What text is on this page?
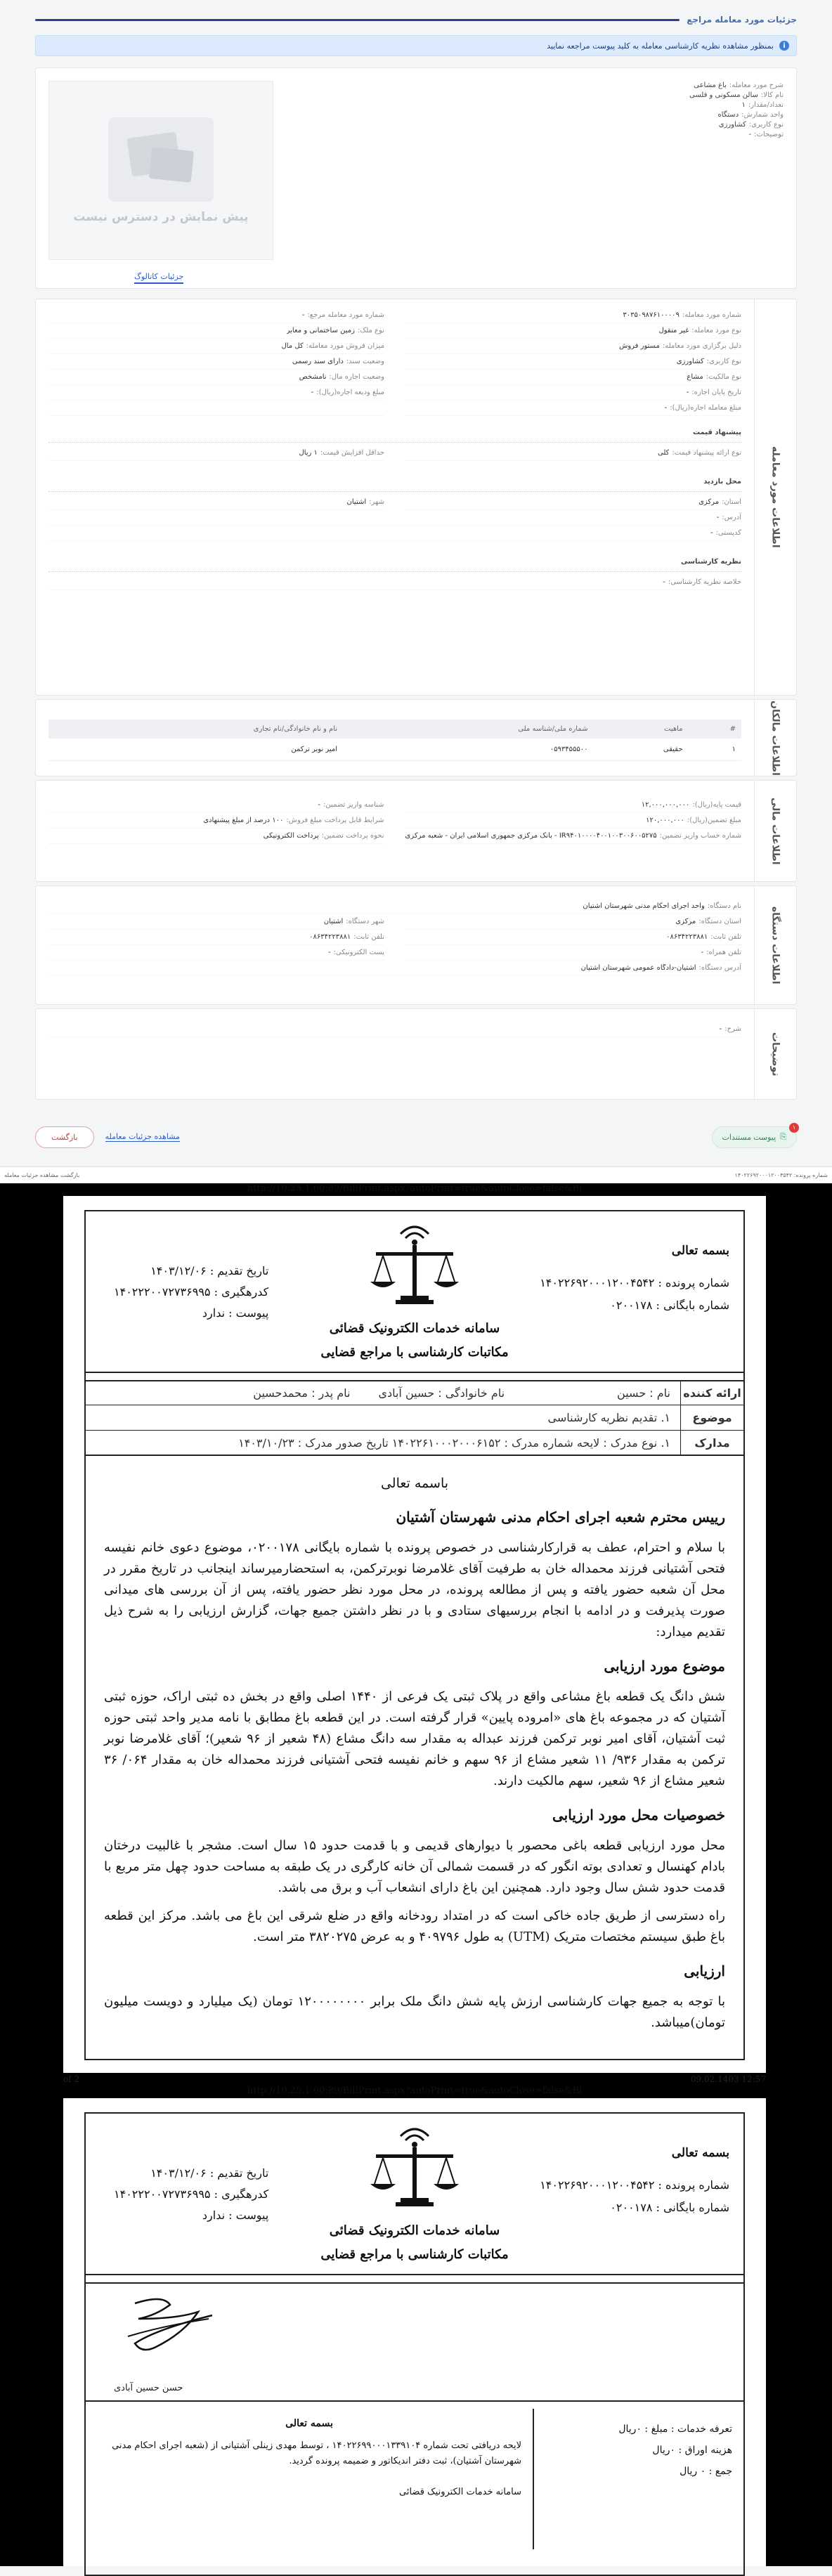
جزئیات مورد معامله مراجع
i
بمنظور مشاهده نظریه کارشناسی معامله به کلید پیوست مراجعه نمایید
شرح مورد معامله:
باغ مشاعی
نام کالا:
سالن مسکونی و فلسی
تعداد/مقدار:
۱
واحد شمارش:
دستگاه
نوع کاربری:
کشاورزی
توضیحات:
-
پیش نمایش در دسترس نیست
جزئیات کاتالوگ
اطلاعات مورد معامله
شماره مورد معامله:
۳۰۳۵۰۹۸۷۶۱۰۰۰۰۹
شماره مورد معامله مرجع:
-
نوع مورد معامله:
غیر منقول
نوع ملک:
زمین ساختمانی و معابر
دلیل برگزاری مورد معامله:
مستور فروش
میزان فروش مورد معامله:
کل مال
نوع کاربری:
کشاورزی
وضعیت سند:
دارای سند رسمی
نوع مالکیت:
مشاع
وضعیت اجاره مال:
نامشخص
تاریخ پایان اجاره:
-
مبلغ ودیعه اجاره(ریال):
-
مبلغ معامله اجاره(ریال):
-
پیشنهاد قیمت
نوع ارائه پیشنهاد قیمت:
کلی
حداقل افزایش قیمت:
۱ ریال
محل بازدید
استان:
مرکزی
شهر:
آشتیان
آدرس:
-
کدپستی:
-
نظریه کارشناسی
خلاصه نظریه کارشناسی:
-
اطلاعات مالکان
#	ماهیت	شماره ملی/شناسه ملی	نام و نام خانوادگی/نام تجاری
۱	حقیقی	۰۵۹۳۴۵۵۵۰۰	امیر نوبر ترکمن
اطلاعات مالی
قیمت پایه(ریال):
۱۲,۰۰۰,۰۰۰,۰۰۰
شناسه واریز تضمین:
-
مبلغ تضمین(ریال):
۱۲۰,۰۰۰,۰۰۰
شرایط قابل پرداخت مبلغ فروش:
۱۰۰ درصد از مبلغ پیشنهادی
شماره حساب واریز تضمین:
IR۹۴۰۱۰۰۰۰۴۰۰۱۰۰۳۰۰۶۰۰۵۲۷۵ - بانک مرکزی جمهوری اسلامی ایران - شعبه مرکزی
نحوه پرداخت تضمین:
پرداخت الکترونیکی
اطلاعات دستگاه
نام دستگاه:
واحد اجرای احکام مدنی شهرستان آشتیان
استان دستگاه:
مرکزی
شهر دستگاه:
آشتیان
تلفن ثابت:
۰۸۶۳۴۲۲۳۸۸۱
تلفن ثابت:
۰۸۶۳۴۲۲۳۸۸۱
تلفن همراه:
-
پست الکترونیکی:
-
آدرس دستگاه:
آشتیان-دادگاه عمومی شهرستان آشتیان
توضیحات
شرح:
-
۱
⎘
پیوست مستندات
مشاهده جزئیات معامله
بازگشت
شماره پرونده: ۱۴۰۲۲۶۹۲۰۰۰۱۲۰۰۴۵۴۲
بازگشت مشاهده جزئیات معامله
http://10.25.1.60:89/BillPrint.aspx?autoPrint=true&autoClose=false&Bi
بسمه تعالی
شماره پرونده : ۱۴۰۲۲۶۹۲۰۰۰۱۲۰۰۴۵۴۲
شماره بایگانی : ۰۲۰۰۱۷۸
سامانه خدمات الکترونیک قضائی
مکاتبات کارشناسی با مراجع قضایی
تاریخ تقدیم : ۱۴۰۳/۱۲/۰۶
کدرهگیری : ۱۴۰۲۲۲۰۰۷۲۷۳۶۹۹۵
پیوست : ندارد
ارائه کننده
نام : حسین
نام خانوادگی : حسین آبادی
نام پدر : محمدحسین
موضوع
۱. تقدیم نظریه کارشناسی
مدارک
۱. نوع مدرک : لایحه شماره مدرک : ۱۴۰۲۲۶۱۰۰۰۲۰۰۰۶۱۵۲ تاریخ صدور مدرک : ۱۴۰۳/۱۰/۲۳
باسمه تعالی
رییس محترم شعبه اجرای احکام مدنی شهرستان آشتیان

با سلام و احترام، عطف به قرارکارشناسی در خصوص پرونده با شماره بایگانی ۰۲۰۰۱۷۸، موضوع دعوی خانم نفیسه فتحی آشتیانی فرزند محمداله خان به طرفیت آقای غلامرضا نوبرترکمن، به استحضارمیرساند اینجانب در تاریخ مقرر در محل آن شعبه حضور یافته و پس از مطالعه پرونده، در محل مورد نظر حضور یافته، پس از آن بررسی های میدانی صورت پذیرفت و در ادامه با انجام بررسیهای ستادی و با در نظر داشتن جمیع جهات، گزارش ارزیابی را به شرح ذیل تقدیم میدارد:

موضوع مورد ارزیابی

شش دانگ یک قطعه باغ مشاعی واقع در پلاک ثبتی یک فرعی از ۱۴۴۰ اصلی واقع در بخش ده ثبتی اراک، حوزه ثبتی آشتیان که در مجموعه باغ های «امروده پایین» قرار گرفته است. در این قطعه باغ مطابق با نامه مدیر واحد ثبتی حوزه ثبت آشتیان، آقای امیر نوبر ترکمن فرزند عبداله به مقدار سه دانگ مشاع (۴۸ شعیر از ۹۶ شعیر)؛ آقای غلامرضا نوبر ترکمن به مقدار ۹۳۶/ ۱۱ شعیر مشاع از ۹۶ سهم و خانم نفیسه فتحی آشتیانی فرزند محمداله خان به مقدار ۰۶۴/ ۳۶ شعیر مشاع از ۹۶ شعیر، سهم مالکیت دارند.

خصوصیات محل مورد ارزیابی

محل مورد ارزیابی قطعه باغی محصور با دیوارهای قدیمی و با قدمت حدود ۱۵ سال است. مشجر با غالبیت درختان بادام کهنسال و تعدادی بوته انگور که در قسمت شمالی آن خانه کارگری در یک طبقه به مساحت حدود چهل متر مربع با قدمت حدود شش سال وجود دارد. همچنین این باغ دارای انشعاب آب و برق می باشد.

راه دسترسی از طریق جاده خاکی است که در امتداد رودخانه واقع در ضلع شرقی این باغ می باشد. مرکز این قطعه باغ طبق سیستم مختصات متریک (UTM) به طول ۴۰۹۷۹۶ و به عرض ۳۸۲۰۲۷۵ متر است.

ارزیابی

با توجه به جمیع جهات کارشناسی ارزش پایه شش دانگ ملک برابر ۱۲۰۰۰۰۰۰۰۰ تومان (یک میلیارد و دویست میلیون تومان)میباشد.

of 2	09.02.1403 12:57
http://10.25.1.60:89/BillPrint.aspx?autoPrint=true&autoClose=false&Bi
بسمه تعالی
شماره پرونده : ۱۴۰۲۲۶۹۲۰۰۰۱۲۰۰۴۵۴۲
شماره بایگانی : ۰۲۰۰۱۷۸
سامانه خدمات الکترونیک قضائی
مکاتبات کارشناسی با مراجع قضایی
تاریخ تقدیم : ۱۴۰۳/۱۲/۰۶
کدرهگیری : ۱۴۰۲۲۲۰۰۷۲۷۳۶۹۹۵
پیوست : ندارد
حسن حسین آبادی
تعرفه خدمات : مبلغ : ۰ریال
هزینه اوراق : ۰ریال
جمع : ۰ ریال
بسمه تعالی
لایحه دریافتی تحت شماره ۱۴۰۲۲۶۹۹۰۰۰۱۳۳۹۱۰۴ ، توسط مهدی زینلی آشتیانی از (شعبه اجرای احکام مدنی شهرستان آشتیان)، ثبت دفتر اندیکاتور و ضمیمه پرونده گردید.
سامانه خدمات الکترونیک قضائی
